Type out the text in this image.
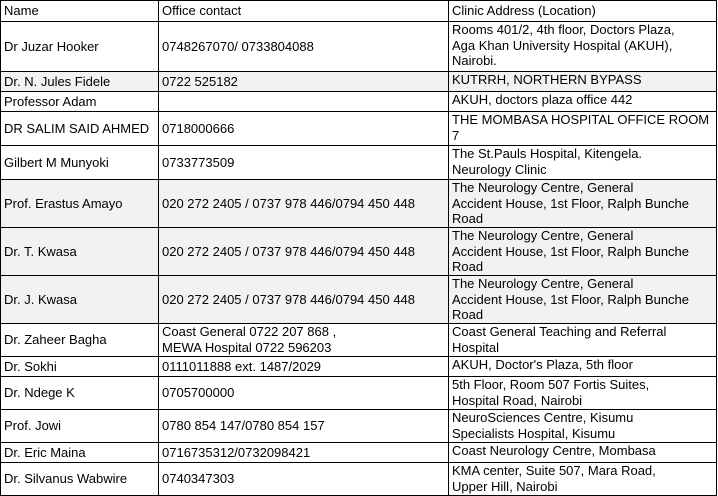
Name	Office contact	Clinic Address (Location)
Dr Juzar Hooker	0748267070/ 0733804088	Rooms 401/2, 4th floor, Doctors Plaza,
Aga Khan University Hospital (AKUH),
Nairobi.

Dr. N. Jules Fidele	0722 525182	KUTRRH, NORTHERN BYPASS

Professor Adam		AKUH, doctors plaza office 442

DR SALIM SAID AHMED	0718000666	THE MOMBASA HOSPITAL OFFICE ROOM
7

Gilbert M Munyoki	0733773509	The St.Pauls Hospital, Kitengela.
Neurology Clinic

Prof. Erastus Amayo	020 272 2405 / 0737 978 446/0794 450 448	The Neurology Centre, General
Accident House, 1st Floor, Ralph Bunche
Road

Dr. T. Kwasa	020 272 2405 / 0737 978 446/0794 450 448	The Neurology Centre, General
Accident House, 1st Floor, Ralph Bunche
Road

Dr. J. Kwasa	020 272 2405 / 0737 978 446/0794 450 448	The Neurology Centre, General
Accident House, 1st Floor, Ralph Bunche
Road

Dr. Zaheer Bagha	Coast General 0722 207 868 ,
MEWA Hospital 0722 596203	Coast General Teaching and Referral
Hospital

Dr. Sokhi	0111011888 ext. 1487/2029	AKUH, Doctor's Plaza, 5th floor

Dr. Ndege K	0705700000	5th Floor, Room 507 Fortis Suites,
Hospital Road, Nairobi

Prof. Jowi	0780 854 147/0780 854 157	NeuroSciences Centre, Kisumu
Specialists Hospital, Kisumu

Dr. Eric Maina	0716735312/0732098421	Coast Neurology Centre, Mombasa

Dr. Silvanus Wabwire	0740347303	KMA center, Suite 507, Mara Road,
Upper Hill, Nairobi
